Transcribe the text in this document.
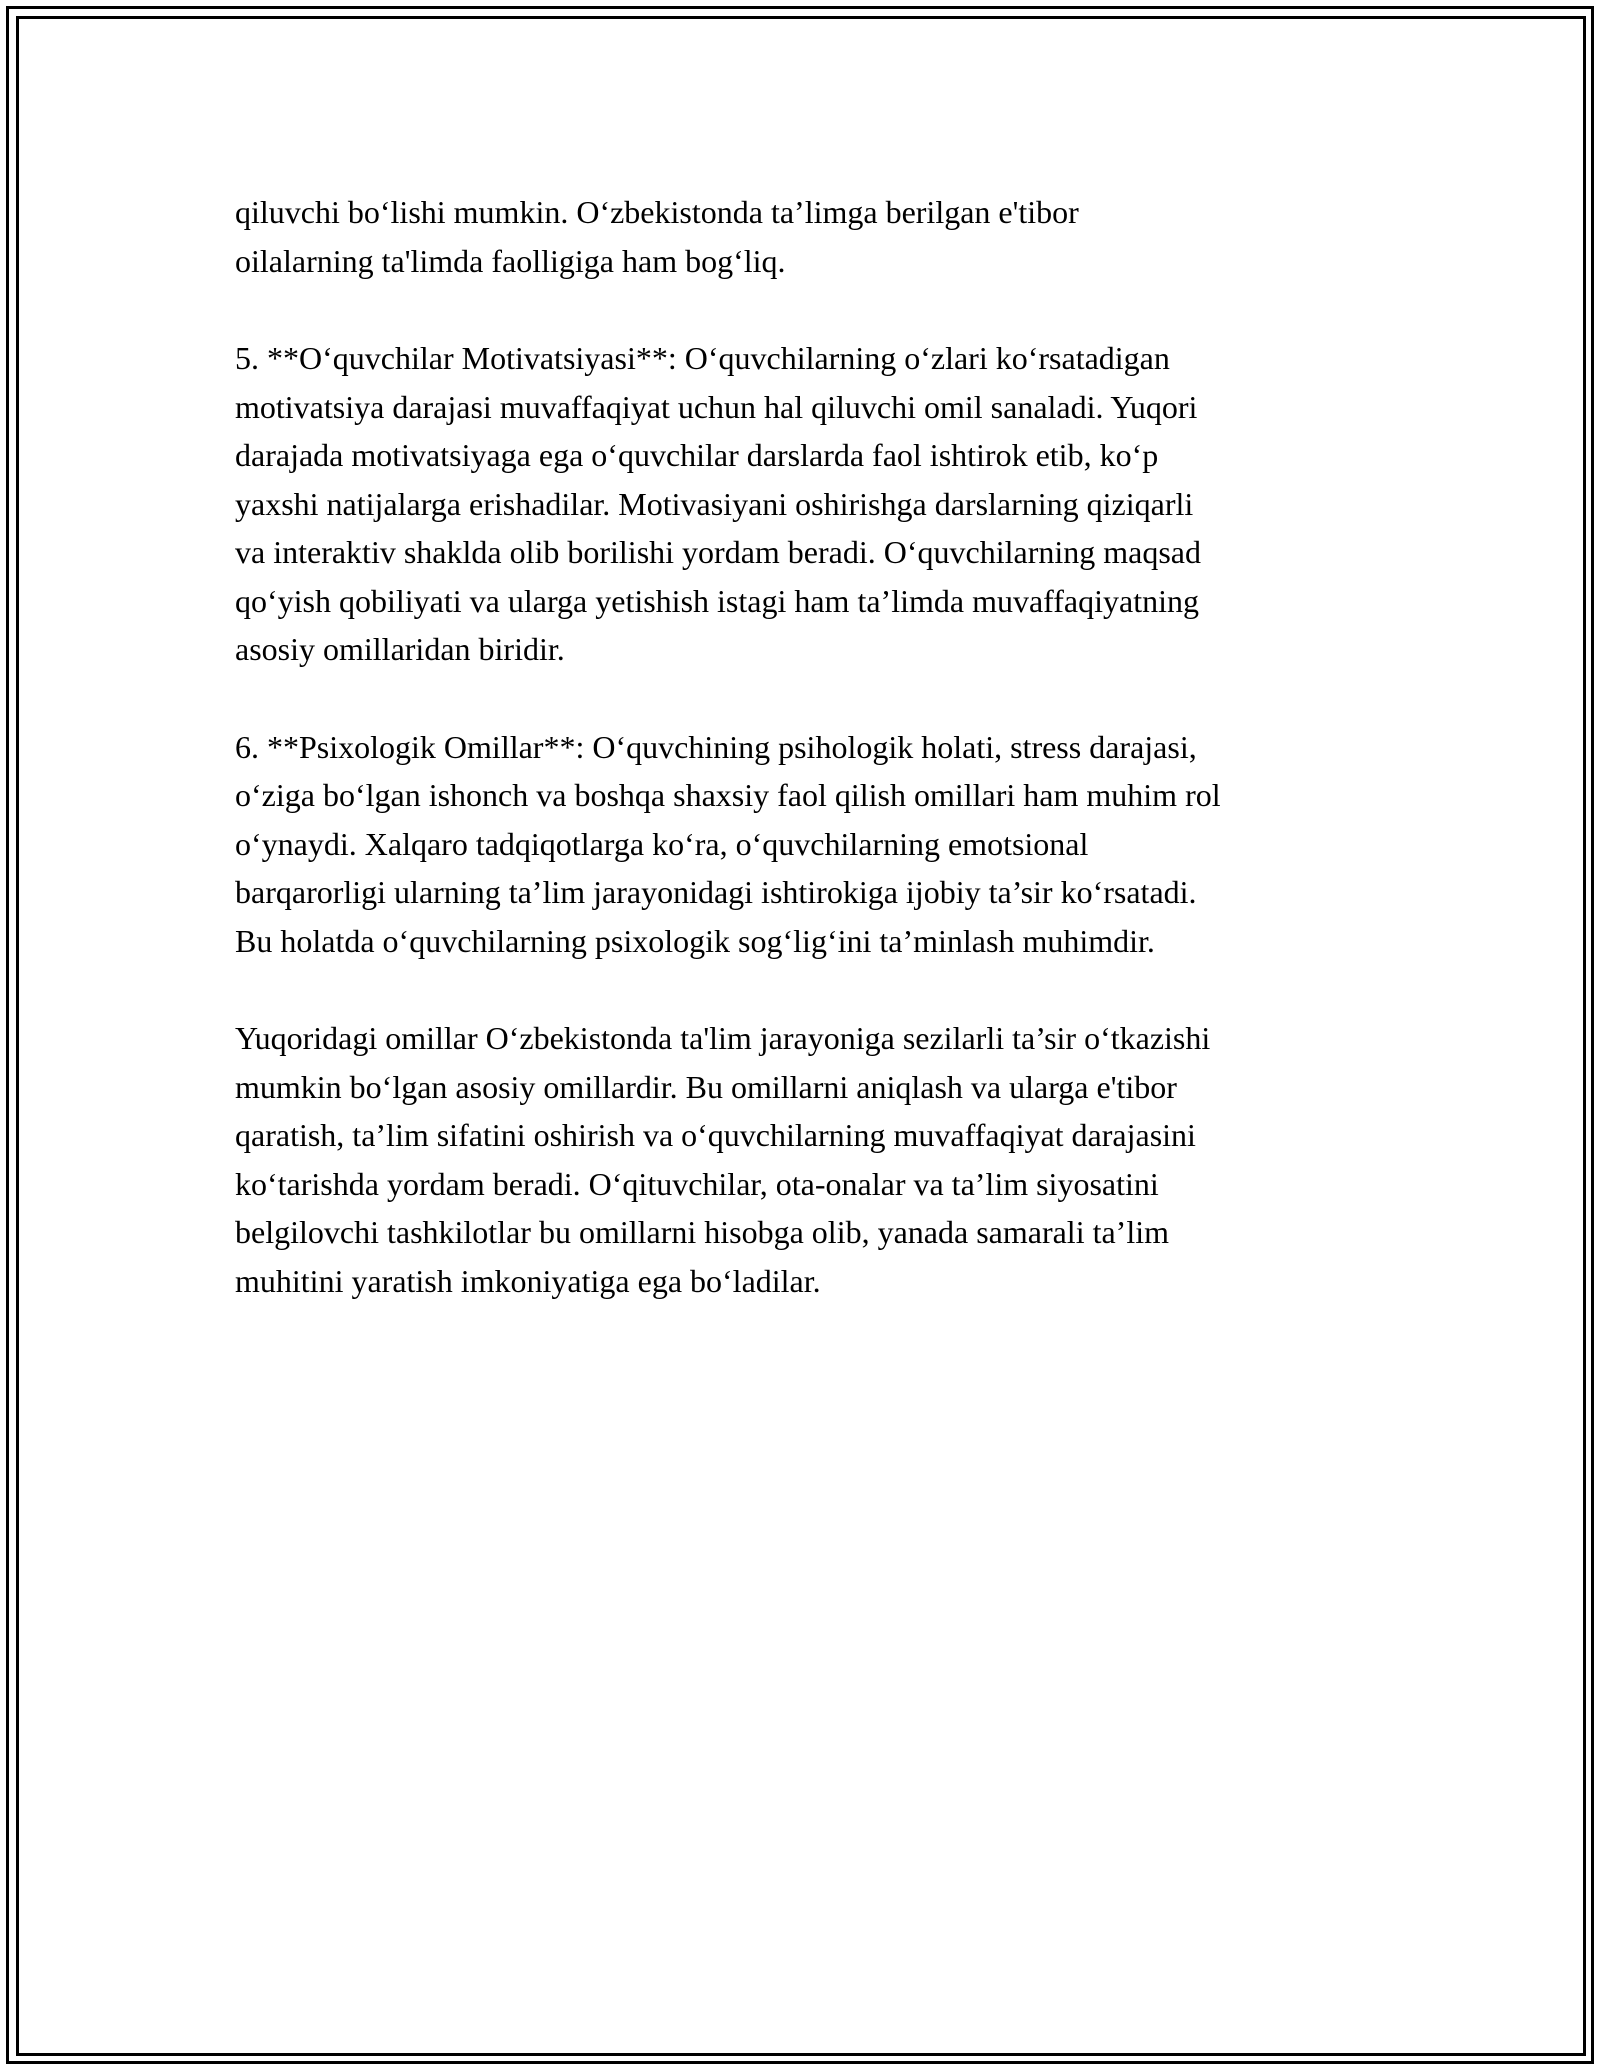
qiluvchi bo‘lishi mumkin. O‘zbekistonda ta’limga berilgan e'tibor
oilalarning ta'limda faolligiga ham bog‘liq.

5. **O‘quvchilar Motivatsiyasi**: O‘quvchilarning o‘zlari ko‘rsatadigan
motivatsiya darajasi muvaffaqiyat uchun hal qiluvchi omil sanaladi. Yuqori
darajada motivatsiyaga ega o‘quvchilar darslarda faol ishtirok etib, ko‘p
yaxshi natijalarga erishadilar. Motivasiyani oshirishga darslarning qiziqarli
va interaktiv shaklda olib borilishi yordam beradi. O‘quvchilarning maqsad
qo‘yish qobiliyati va ularga yetishish istagi ham ta’limda muvaffaqiyatning
asosiy omillaridan biridir.

6. **Psixologik Omillar**: O‘quvchining psihologik holati, stress darajasi,
o‘ziga bo‘lgan ishonch va boshqa shaxsiy faol qilish omillari ham muhim rol
o‘ynaydi. Xalqaro tadqiqotlarga ko‘ra, o‘quvchilarning emotsional
barqarorligi ularning ta’lim jarayonidagi ishtirokiga ijobiy ta’sir ko‘rsatadi.
Bu holatda o‘quvchilarning psixologik sog‘lig‘ini ta’minlash muhimdir.

Yuqoridagi omillar O‘zbekistonda ta'lim jarayoniga sezilarli ta’sir o‘tkazishi
mumkin bo‘lgan asosiy omillardir. Bu omillarni aniqlash va ularga e'tibor
qaratish, ta’lim sifatini oshirish va o‘quvchilarning muvaffaqiyat darajasini
ko‘tarishda yordam beradi. O‘qituvchilar, ota-onalar va ta’lim siyosatini
belgilovchi tashkilotlar bu omillarni hisobga olib, yanada samarali ta’lim
muhitini yaratish imkoniyatiga ega bo‘ladilar.
